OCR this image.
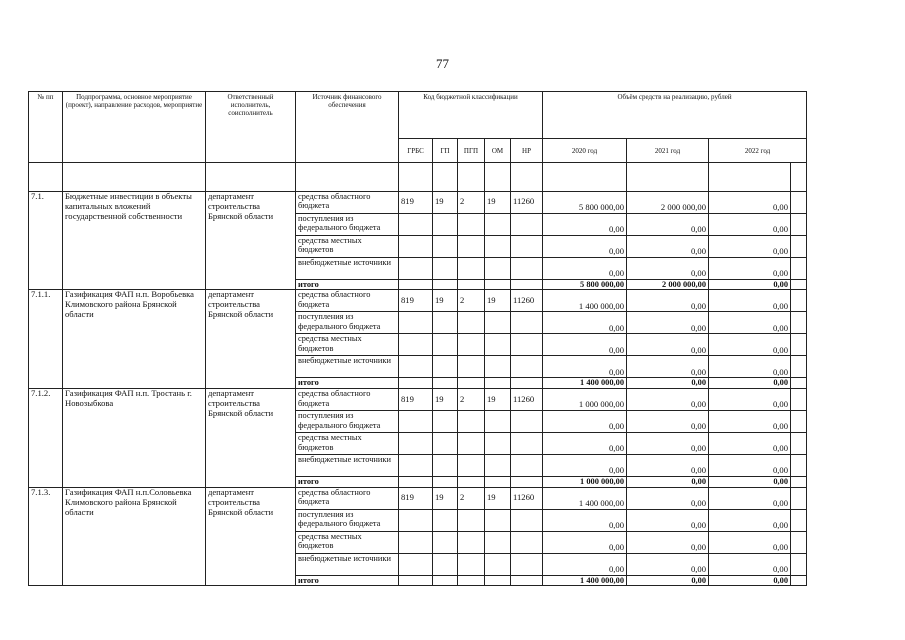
77
№ пп	Подпрограмма, основное мероприятие (проект), направление расходов, мероприятие	Ответственный исполнитель, соисполнитель	Источник финансового обеспечения	Код бюджетной классификации					Объём средств на реализацию, рублей	
				ГРБС	ГП	ПГП	ОМ	НР	2020 год	2021 год	2022 год		

7.1.	Бюджетные инвестиции в объекты капитальных вложений государственной собственности	департамент строительства Брянской области	средства областного бюджета	819	19	2	19	11260	5 800 000,00	2 000 000,00	0,00		
			поступления из федерального бюджета						0,00	0,00	0,00		
			средства местных бюджетов						0,00	0,00	0,00		
			внебюджетные источники						0,00	0,00	0,00		
			итого						5 800 000,00	2 000 000,00	0,00		
7.1.1.	Газификация ФАП н.п. Воробьевка Климовского района Брянской области	департамент строительства Брянской области	средства областного бюджета	819	19	2	19	11260	1 400 000,00	0,00	0,00		
			поступления из федерального бюджета						0,00	0,00	0,00		
			средства местных бюджетов						0,00	0,00	0,00		
			внебюджетные источники						0,00	0,00	0,00		
			итого						1 400 000,00	0,00	0,00		
7.1.2.	Газификация ФАП н.п. Тростань г. Новозыбкова	департамент строительства Брянской области	средства областного бюджета	819	19	2	19	11260	1 000 000,00	0,00	0,00		
			поступления из федерального бюджета						0,00	0,00	0,00		
			средства местных бюджетов						0,00	0,00	0,00		
			внебюджетные источники						0,00	0,00	0,00		
			итого						1 000 000,00	0,00	0,00		
7.1.3.	Газификация ФАП н.п.Соловьевка Климовского района Брянской области	департамент строительства Брянской области	средства областного бюджета	819	19	2	19	11260	1 400 000,00	0,00	0,00		
			поступления из федерального бюджета						0,00	0,00	0,00		
			средства местных бюджетов						0,00	0,00	0,00		
			внебюджетные источники						0,00	0,00	0,00		
			итого						1 400 000,00	0,00	0,00		
